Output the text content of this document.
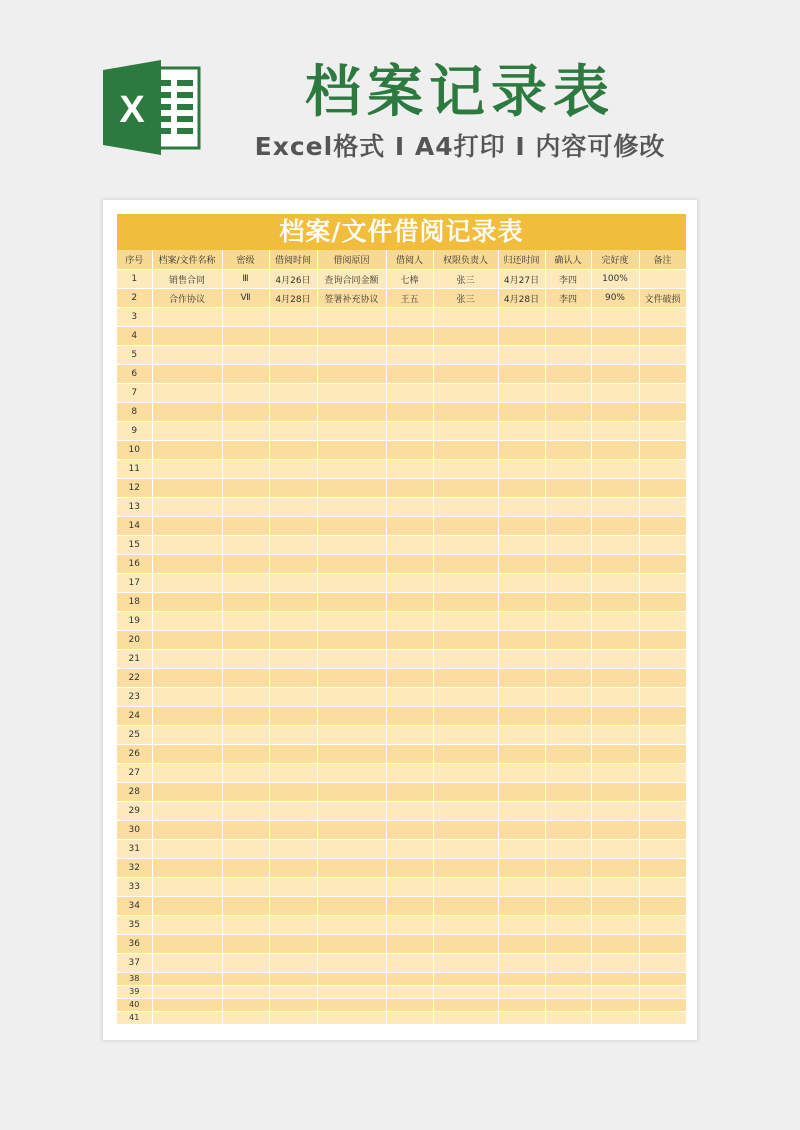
X	档案记录表
Excel格式 I A4打印 I 内容可修改
档案/文件借阅记录表
序号	档案/文件名称	密级	借阅时间	借阅原因	借阅人	权限负责人	归还时间	确认人	完好度	备注
1	销售合同	Ⅲ	4月26日	查询合同金额	七棒	张三	4月27日	李四	100%	
2	合作协议	Ⅶ	4月28日	签署补充协议	王五	张三	4月28日	李四	90%	文件破损
3										
4										
5										
6										
7										
8										
9										
10										
11										
12										
13										
14										
15										
16										
17										
18										
19										
20										
21										
22										
23										
24										
25										
26										
27										
28										
29										
30										
31										
32										
33										
34										
35										
36										
37										
38										
39										
40										
41										
